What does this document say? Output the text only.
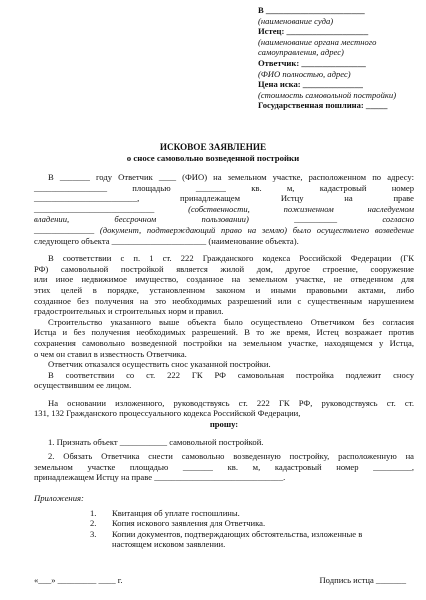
В _______________________
(наименование суда)
Истец: ___________________
(наименование органа местного
самоуправления, адрес)
Ответчик: _______________
(ФИО полностью, адрес)
Цена иска: ______________
(стоимость самовольной постройки)
Государственная пошлина: _____
ИСКОВОЕ ЗАЯВЛЕНИЕ
о сносе самовольно возведенной постройки

В _______ году Ответчик ____ (ФИО) на земельном участке, расположенном по адресу:

_________________ площадью _______ кв. м, кадастровый номер

________________________, принадлежащем Истцу на праве

____________________________ (собственности, пожизненном наследуемом

владении, бессрочном пользовании) __________ согласно

______________ (документ, подтверждающий право на землю) было осуществлено возведение

следующего объекта ______________________ (наименование объекта).

В соответствии с п. 1 ст. 222 Гражданского кодекса Российской Федерации (ГК

РФ) самовольной постройкой является жилой дом, другое строение, сооружение

или иное недвижимое имущество, созданное на земельном участке, не отведенном для

этих целей в порядке, установленном законом и иными правовыми актами, либо

созданное без получения на это необходимых разрешений или с существенным нарушением

градостроительных и строительных норм и правил.

Строительство указанного выше объекта было осуществлено Ответчиком без согласия

Истца и без получения необходимых разрешений. В то же время, Истец возражает против

сохранения самовольно возведенной постройки на земельном участке, находящемся у Истца,

о чем он ставил в известность Ответчика.

Ответчик отказался осуществить снос указанной постройки.

В соответствии со ст. 222 ГК РФ самовольная постройка подлежит сносу

осуществившим ее лицом.

На основании изложенного, руководствуясь ст. 222 ГК РФ, руководствуясь ст. ст.

131, 132 Гражданского процессуального кодекса Российской Федерации,

прошу:

1. Признать объект ___________ самовольной постройкой.

2. Обязать Ответчика снести самовольно возведенную постройку, расположенную на

земельном участке площадью _______ кв. м, кадастровый номер _________,

принадлежащем Истцу на праве ______________________________.

Приложения:

1. Квитанция об уплате госпошлины.

2. Копия искового заявления для Ответчика.

3. Копии документов, подтверждающих обстоятельства, изложенные в

настоящем исковом заявлении.

«___» _________ ____ г.	Подпись истца _______
